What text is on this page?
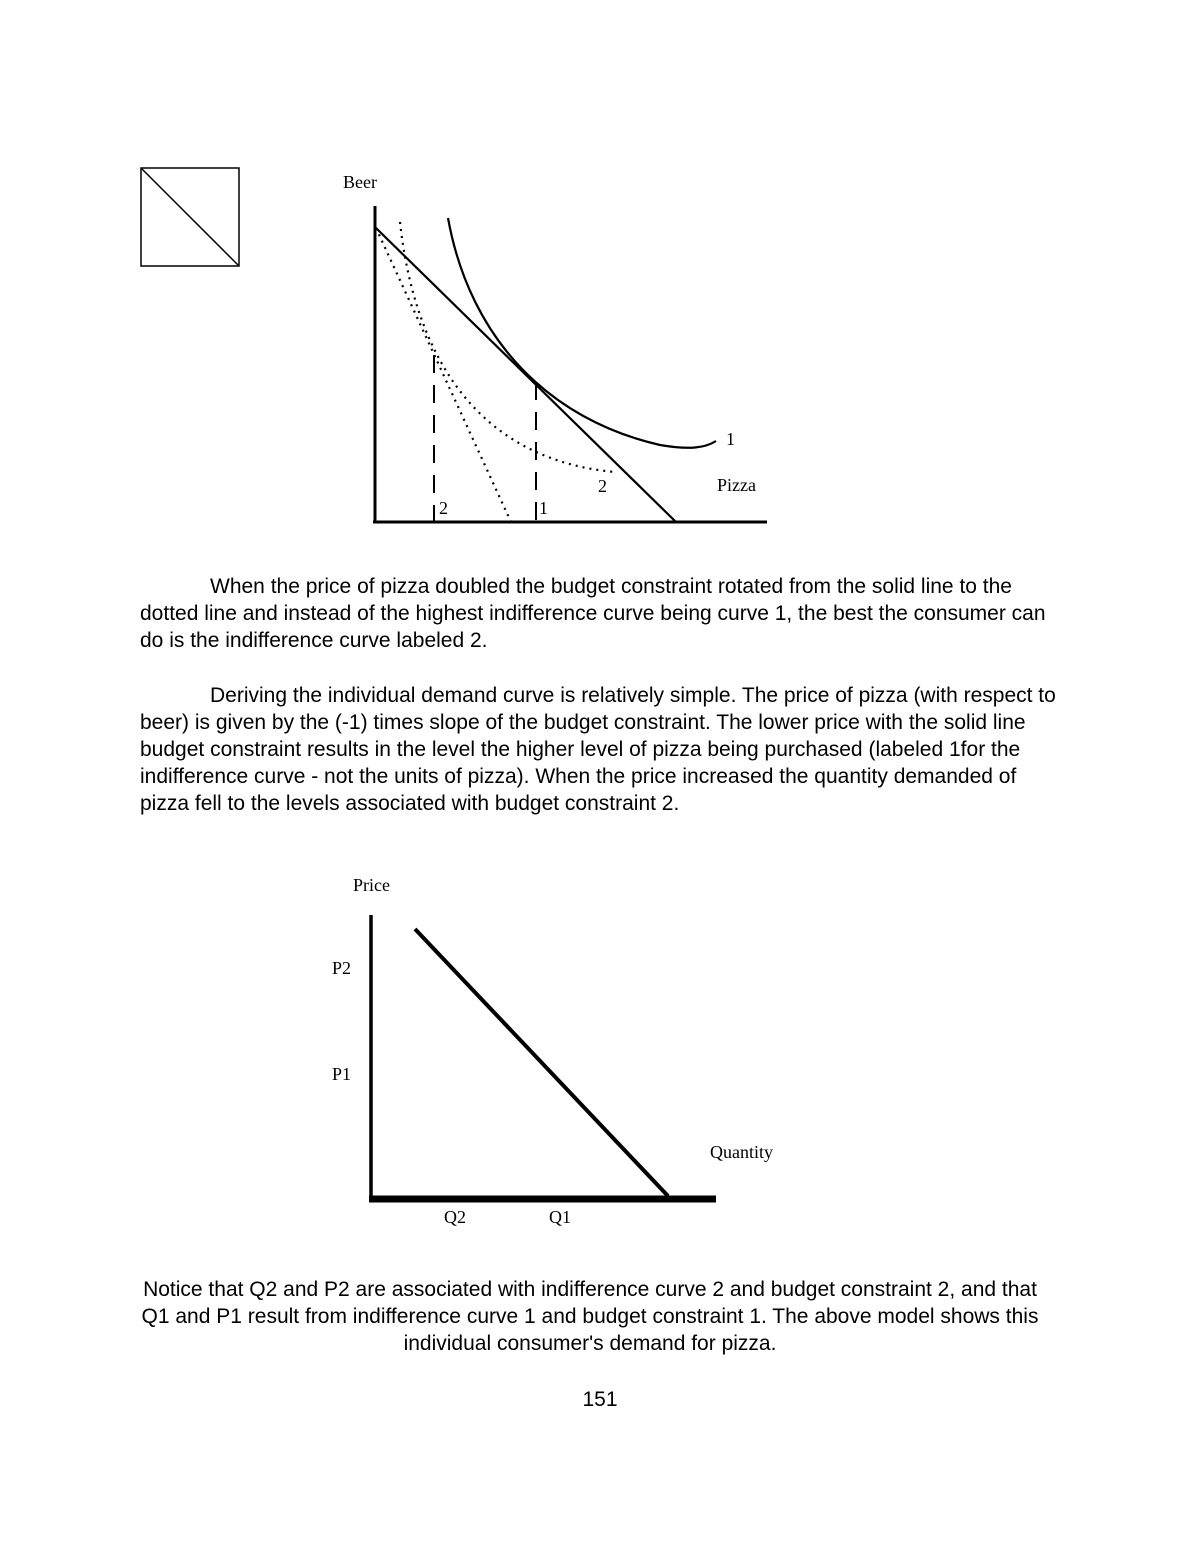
Beer
Pizza
1
2
2	1

When the price of pizza doubled the budget constraint rotated from the solid line to the dotted line and instead of the highest indifference curve being curve 1, the best the consumer can do is the indifference curve labeled 2.

Deriving the individual demand curve is relatively simple. The price of pizza (with respect to beer) is given by the (-1) times slope of the budget constraint. The lower price with the solid line budget constraint results in the level the higher level of pizza being purchased (labeled 1for the indifference curve - not the units of pizza). When the price increased the quantity demanded of pizza fell to the levels associated with budget constraint 2.

Price
P2
P1
Quantity
Q2	Q1

Notice that Q2 and P2 are associated with indifference curve 2 and budget constraint 2, and that Q1 and P1 result from indifference curve 1 and budget constraint 1. The above model shows this individual consumer's demand for pizza.

151
